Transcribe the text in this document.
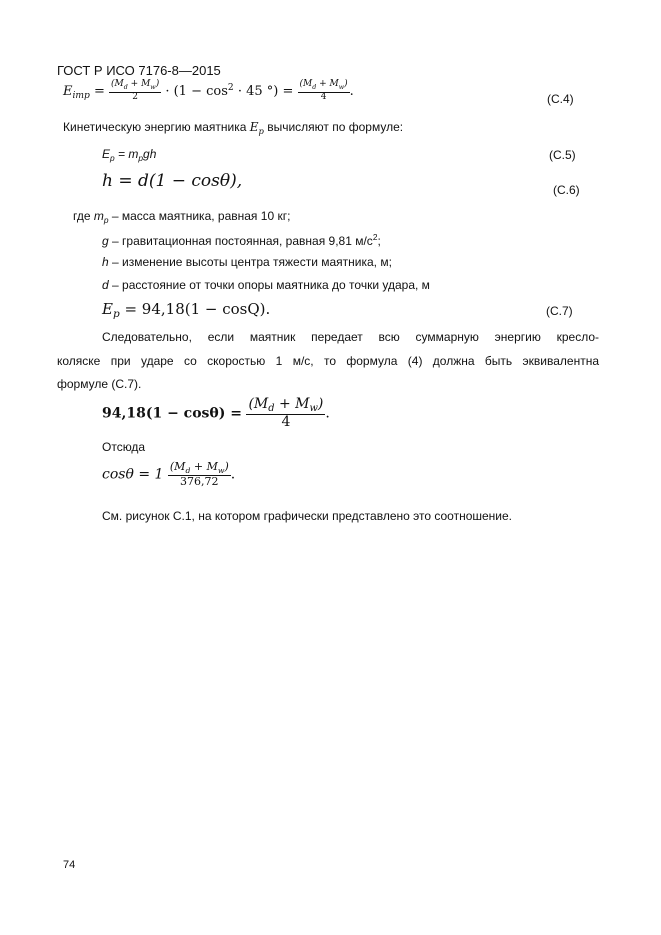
ГОСТ Р ИСО 7176-8—2015
$E_{imp} = \frac{(M_d + M_w)}{2} \cdot (1 - \cos^2 \cdot 45$ °) = $\frac{(M_d + M_w)}{4}$ .	(С.4)
Кинетическую энергию маятника $E_p$ вычисляют по формуле:
$E_p = m_pgh$	(С.5)
h = d(1 − cosθ),	(С.6)
где $m_p$ – масса маятника, равная 10 кг;
g – гравитационная постоянная, равная 9,81 $м/с^2$;
h – изменение высоты центра тяжести маятника, м;
d – расстояние от точки опоры маятника до точки удара, м
$E_p = 94,18(1 - \cos Q)$.	(С.7)
Следовательно, если маятник передает всю суммарную энергию кресло-
коляске при ударе со скоростью 1 м/с, то формула (4) должна быть эквивалентна
формуле (С.7).
$94,18(1 - \cos\theta) = \frac{(M_d + M_w)}{4}$ .
Отсюда
$\cos\theta = 1 \frac{(M_d + M_w)}{376,72}$ .
См. рисунок С.1, на котором графически представлено это соотношение.
74
